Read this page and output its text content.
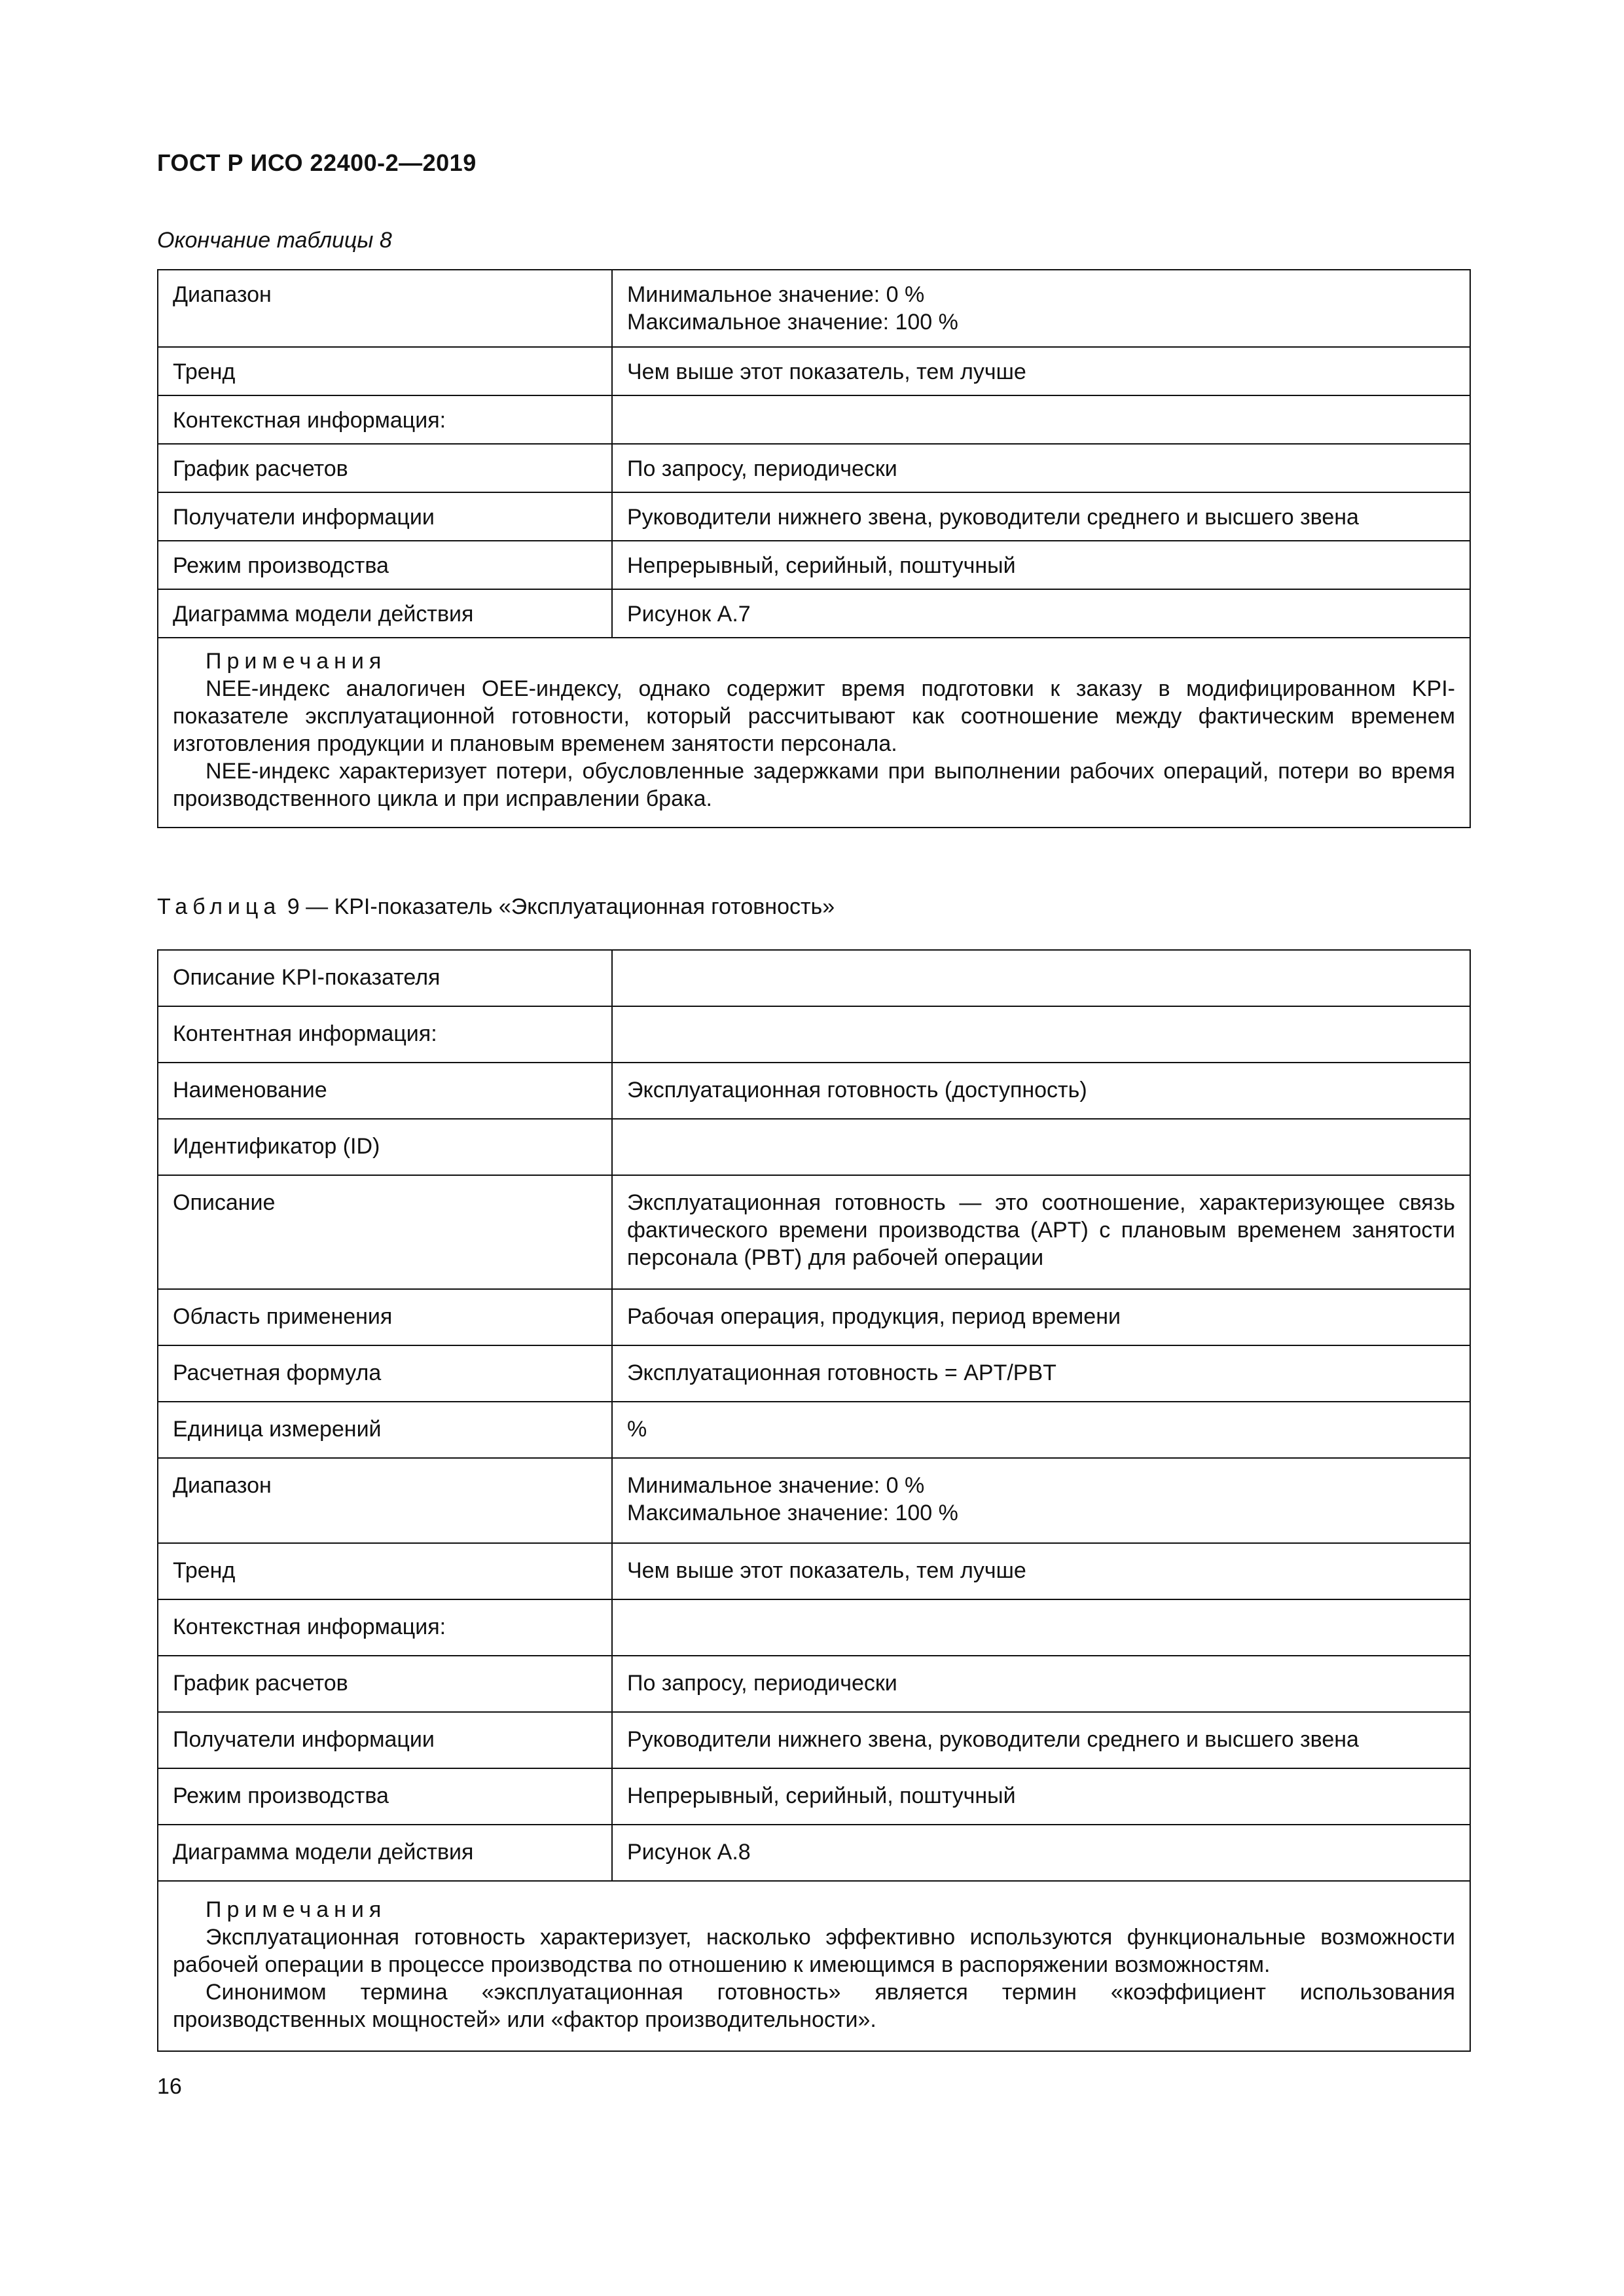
ГОСТ Р ИСО 22400-2—2019
Окончание таблицы 8
Диапазон	Минимальное значение: 0 %
Максимальное значение: 100 %
Тренд	Чем выше этот показатель, тем лучше
Контекстная информация:	
График расчетов	По запросу, периодически
Получатели информации	Руководители нижнего звена, руководители среднего и высшего звена
Режим производства	Непрерывный, серийный, поштучный
Диаграмма модели действия	Рисунок А.7

Примечания
NEE-индекс аналогичен OEE-индексу, однако содержит время подготовки к заказу в модифицированном KPI-показателе эксплуатационной готовности, который рассчитывают как соотношение между фактическим временем изготовления продукции и плановым временем занятости персонала.
NEE-индекс характеризует потери, обусловленные задержками при выполнении рабочих операций, потери во время производственного цикла и при исправлении брака.	
Таблица 9 — KPI-показатель «Эксплуатационная готовность»
Описание KPI-показателя	
Контентная информация:	
Наименование	Эксплуатационная готовность (доступность)
Идентификатор (ID)	
Описание	Эксплуатационная готовность — это соотношение, характеризующее связь фактического времени производства (APT) с плановым временем занятости персонала (PBT) для рабочей операции
Область применения	Рабочая операция, продукция, период времени
Расчетная формула	Эксплуатационная готовность = APT/PBT
Единица измерений	%
Диапазон	Минимальное значение: 0 %
Максимальное значение: 100 %
Тренд	Чем выше этот показатель, тем лучше
Контекстная информация:	
График расчетов	По запросу, периодически
Получатели информации	Руководители нижнего звена, руководители среднего и высшего звена
Режим производства	Непрерывный, серийный, поштучный
Диаграмма модели действия	Рисунок А.8

Примечания
Эксплуатационная готовность характеризует, насколько эффективно используются функциональные возможности рабочей операции в процессе производства по отношению к имеющимся в распоряжении возможностям.
Синонимом термина «эксплуатационная готовность» является термин «коэффициент использования производственных мощностей» или «фактор производительности».	
16
